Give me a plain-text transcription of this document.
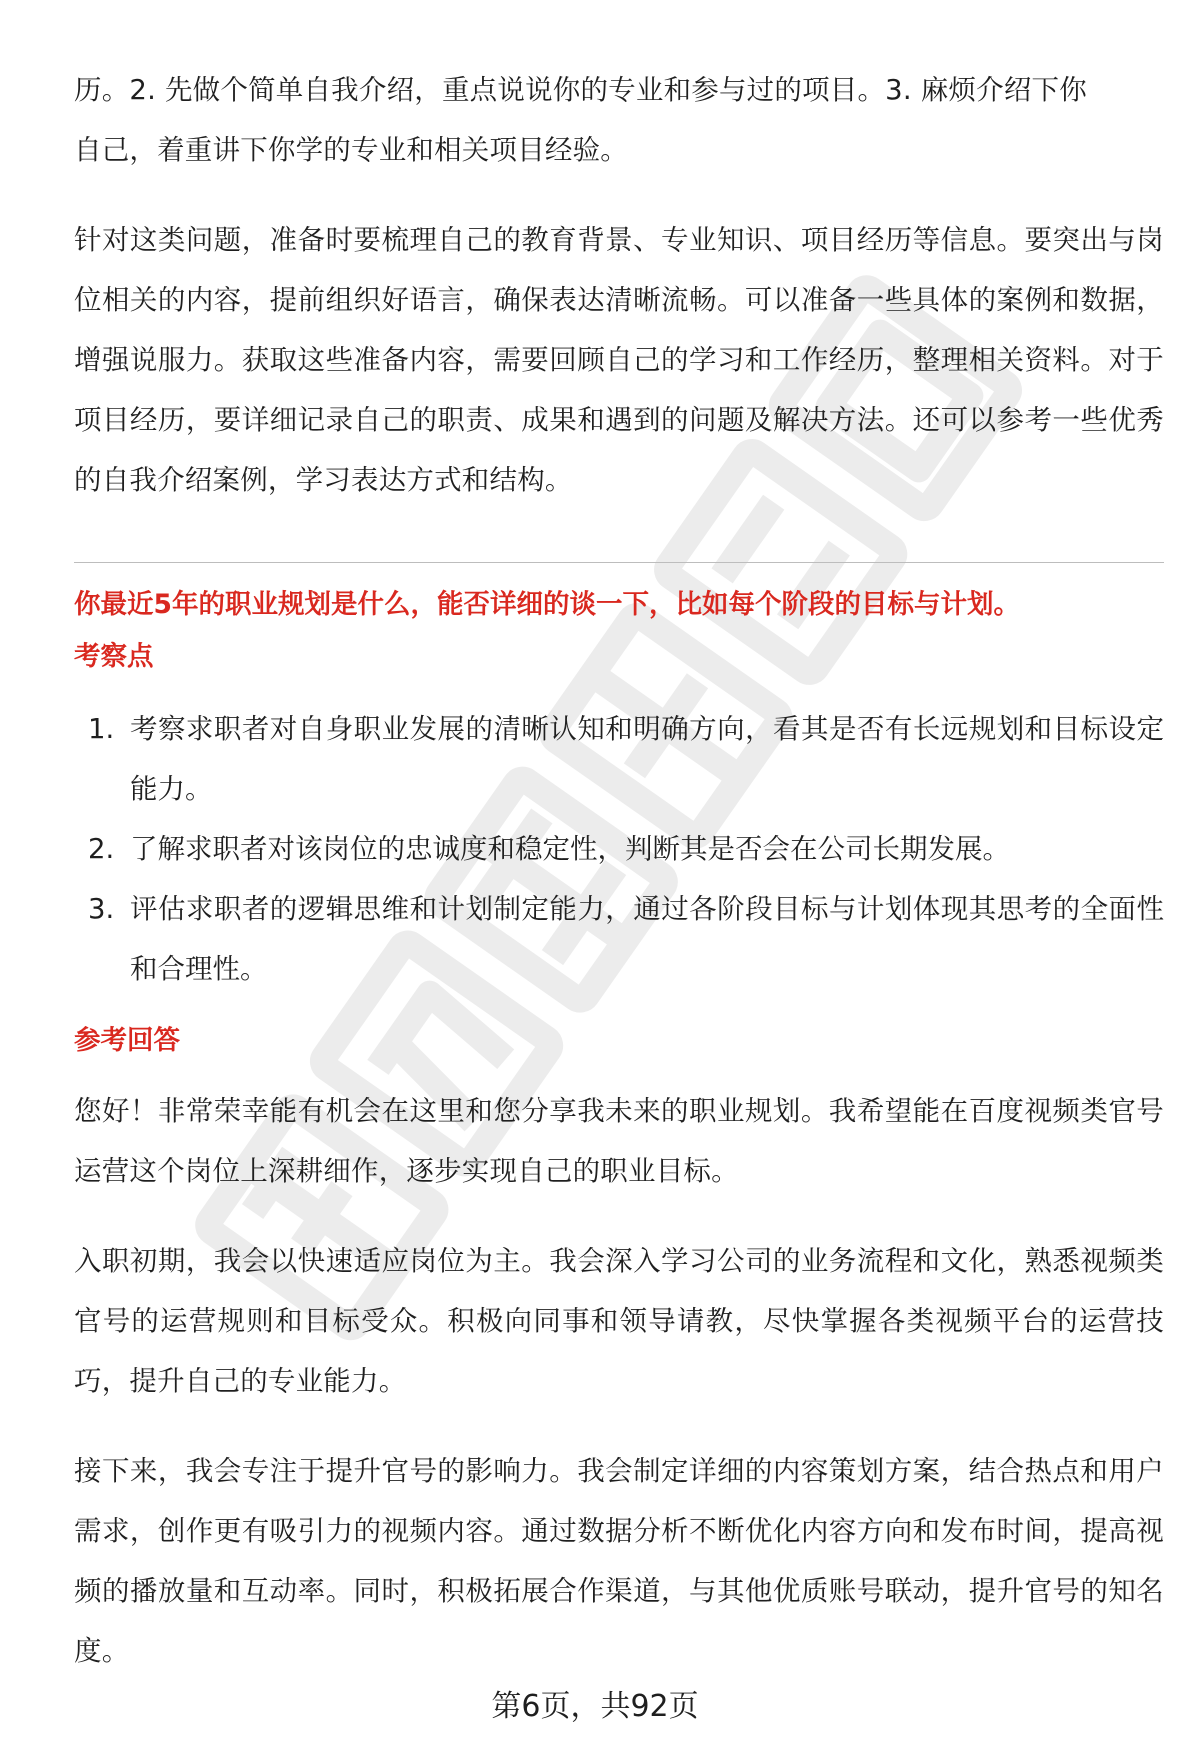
历。2. 先做个简单自我介绍，重点说说你的专业和参与过的项目。3. 麻烦介绍下你

自己，着重讲下你学的专业和相关项目经验。

针对这类问题，准备时要梳理自己的教育背景、专业知识、项目经历等信息。要突出与岗位相关的内容，提前组织好语言，确保表达清晰流畅。可以准备一些具体的案例和数据，增强说服力。获取这些准备内容，需要回顾自己的学习和工作经历，整理相关资料。对于项目经历，要详细记录自己的职责、成果和遇到的问题及解决方法。还可以参考一些优秀的自我介绍案例，学习表达方式和结构。

你最近5年的职业规划是什么，能否详细的谈一下，比如每个阶段的目标与计划。

考察点

1. 考察求职者对自身职业发展的清晰认知和明确方向，看其是否有长远规划和目标设定能力。
2. 了解求职者对该岗位的忠诚度和稳定性，判断其是否会在公司长期发展。
3. 评估求职者的逻辑思维和计划制定能力，通过各阶段目标与计划体现其思考的全面性和合理性。

参考回答

您好！非常荣幸能有机会在这里和您分享我未来的职业规划。我希望能在百度视频类官号运营这个岗位上深耕细作，逐步实现自己的职业目标。

入职初期，我会以快速适应岗位为主。我会深入学习公司的业务流程和文化，熟悉视频类官号的运营规则和目标受众。积极向同事和领导请教，尽快掌握各类视频平台的运营技巧，提升自己的专业能力。

接下来，我会专注于提升官号的影响力。我会制定详细的内容策划方案，结合热点和用户需求，创作更有吸引力的视频内容。通过数据分析不断优化内容方向和发布时间，提高视频的播放量和互动率。同时，积极拓展合作渠道，与其他优质账号联动，提升官号的知名度。

第6页，共92页
